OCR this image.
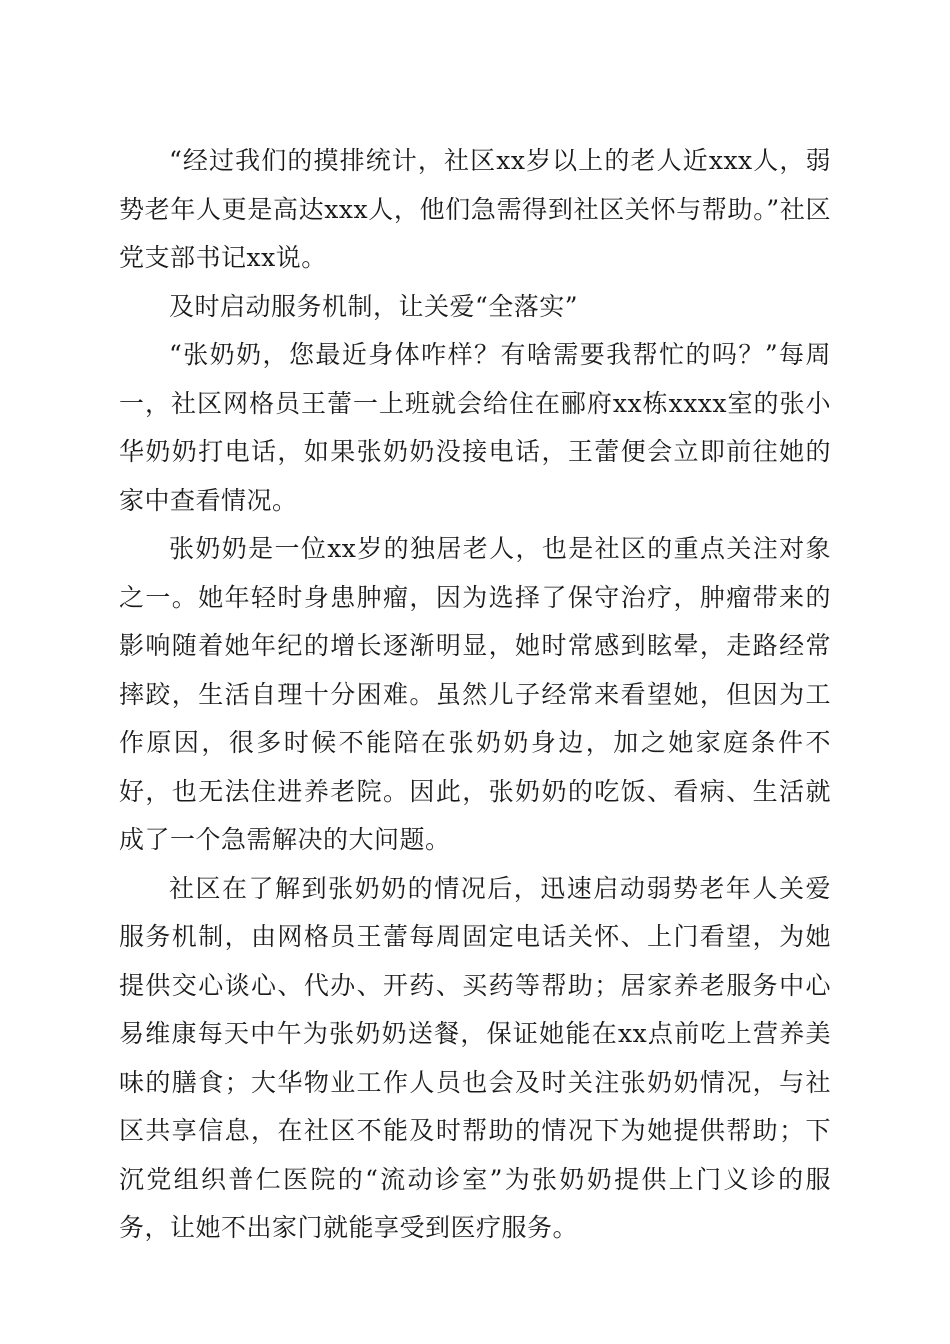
“经过我们的摸排统计，社区xx岁以上的老人近xxx人，弱势老年人更是高达xxx人，他们急需得到社区关怀与帮助。”社区党支部书记xx说。

及时启动服务机制，让关爱“全落实”

“张奶奶，您最近身体咋样？有啥需要我帮忙的吗？”每周一，社区网格员王蕾一上班就会给住在郦府xx栋xxxx室的张小华奶奶打电话，如果张奶奶没接电话，王蕾便会立即前往她的家中查看情况。

张奶奶是一位xx岁的独居老人，也是社区的重点关注对象之一。她年轻时身患肿瘤，因为选择了保守治疗，肿瘤带来的影响随着她年纪的增长逐渐明显，她时常感到眩晕，走路经常摔跤，生活自理十分困难。虽然儿子经常来看望她，但因为工作原因，很多时候不能陪在张奶奶身边，加之她家庭条件不好，也无法住进养老院。因此，张奶奶的吃饭、看病、生活就成了一个急需解决的大问题。

社区在了解到张奶奶的情况后，迅速启动弱势老年人关爱服务机制，由网格员王蕾每周固定电话关怀、上门看望，为她提供交心谈心、代办、开药、买药等帮助；居家养老服务中心易维康每天中午为张奶奶送餐，保证她能在xx点前吃上营养美味的膳食；大华物业工作人员也会及时关注张奶奶情况，与社区共享信息，在社区不能及时帮助的情况下为她提供帮助；下沉党组织普仁医院的“流动诊室”为张奶奶提供上门义诊的服务，让她不出家门就能享受到医疗服务。
